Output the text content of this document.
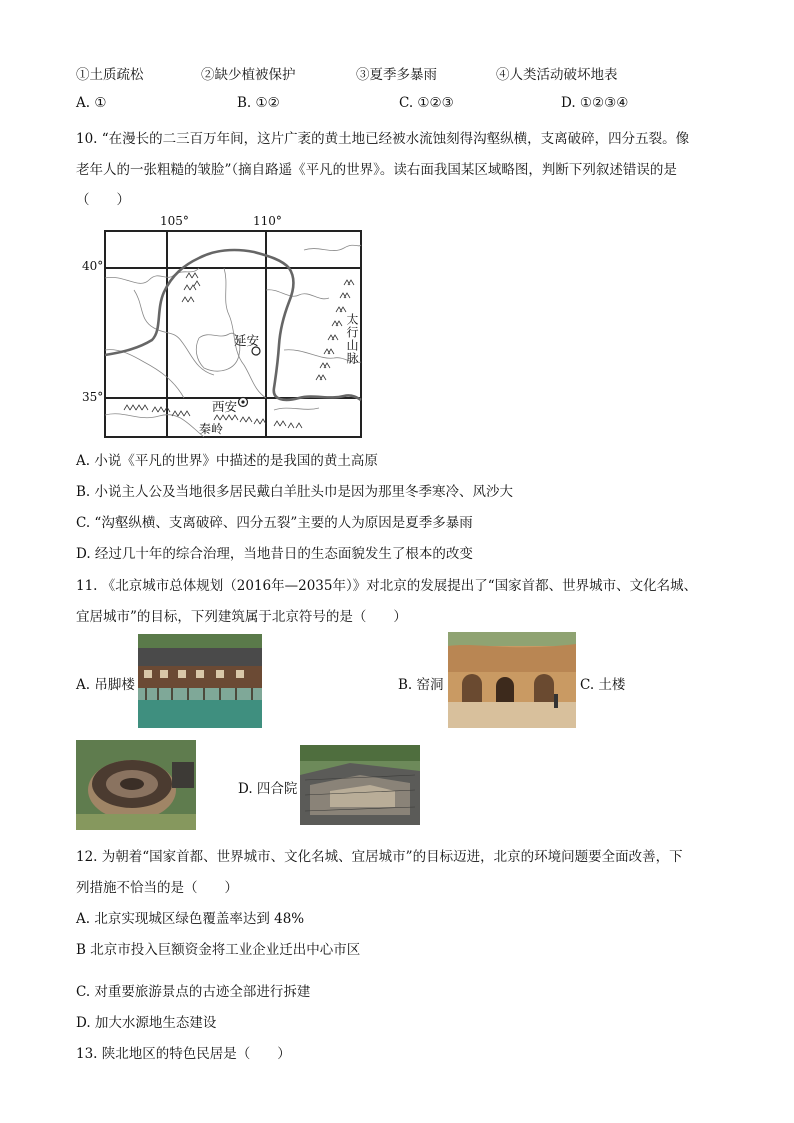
①土质疏松	②缺少植被保护	③夏季多暴雨	④人类活动破坏地表
A. ①	B. ①②	C. ①②③	D. ①②③④
10. “在漫长的二三百万年间，这片广袤的黄土地已经被水流蚀刻得沟壑纵横，支离破碎，四分五裂。像
老年人的一张粗糙的皱脸”（摘自路遥《平凡的世界》。读右面我国某区域略图，判断下列叙述错误的是
（　　）
105°	110°
40°
35°
延安
西安
秦岭
太行山脉
A. 小说《平凡的世界》中描述的是我国的黄土高原
B. 小说主人公及当地很多居民戴白羊肚头巾是因为那里冬季寒冷、风沙大
C. “沟壑纵横、支离破碎、四分五裂”主要的人为原因是夏季多暴雨
D. 经过几十年的综合治理，当地昔日的生态面貌发生了根本的改变
11. 《北京城市总体规划（2016年—2035年）》对北京的发展提出了“国家首都、世界城市、文化名城、
宜居城市”的目标，下列建筑属于北京符号的是（　　）
A. 吊脚楼	B. 窑洞	C. 土楼
D. 四合院
12. 为朝着“国家首都、世界城市、文化名城、宜居城市”的目标迈进，北京的环境问题要全面改善，下
列措施不恰当的是（　　）
A. 北京实现城区绿色覆盖率达到 48%
B 北京市投入巨额资金将工业企业迁出中心市区
C. 对重要旅游景点的古迹全部进行拆建
D. 加大水源地生态建设
13. 陕北地区的特色民居是（　　）
